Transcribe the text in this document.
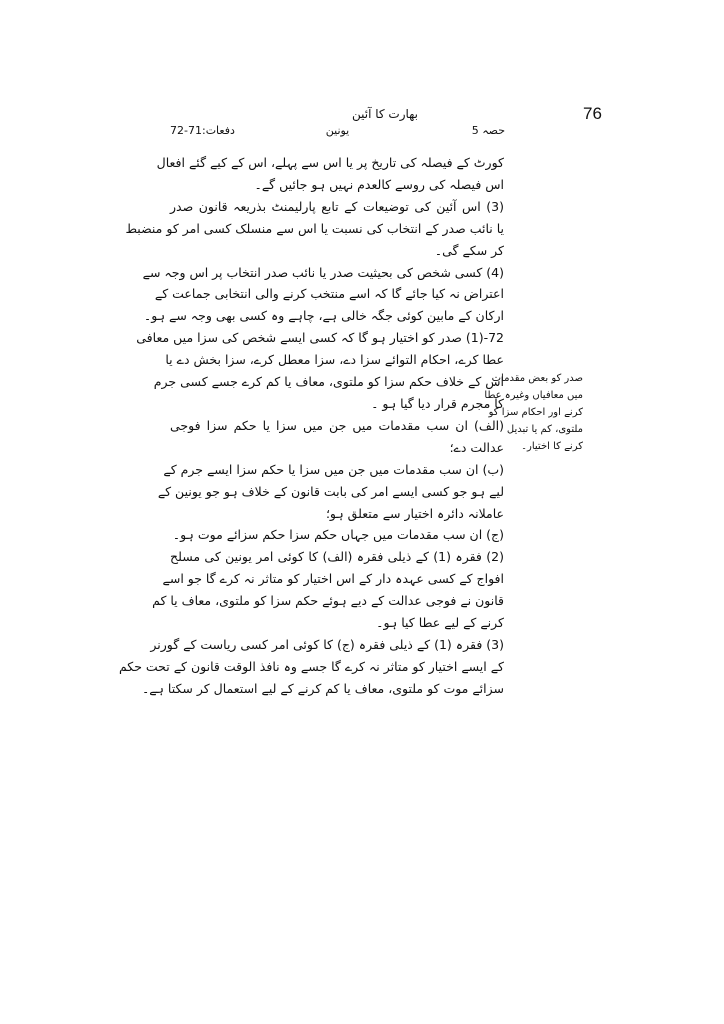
76
بھارت کا آئین
حصہ 5
یونین
دفعات:71-72
کورٹ کے فیصلہ کی تاریخ پر یا اس سے پہلے، اس کے کیے گئے افعال
اس فیصلہ کی روسے کالعدم نہیں ہو جائیں گے۔
(3) اس آئین کی توضیعات کے تابع پارلیمنٹ بذریعہ قانون صدر
یا نائب صدر کے انتخاب کی نسبت یا اس سے منسلک کسی امر کو منضبط
کر سکے گی۔
(4) کسی شخص کی بحیثیت صدر یا نائب صدر انتخاب پر اس وجہ سے
اعتراض نہ کیا جائے گا کہ اسے منتخب کرنے والی انتخابی جماعت کے
ارکان کے مابین کوئی جگہ خالی ہے، چاہے وہ کسی بھی وجہ سے ہو۔
72-(1) صدر کو اختیار ہو گا کہ کسی ایسے شخص کی سزا میں معافی
عطا کرے، احکام التوائے سزا دے، سزا معطل کرے، سزا بخش دے یا
اس کے خلاف حکم سزا کو ملتوی، معاف یا کم کرے جسے کسی جرم
کا مجرم قرار دیا گیا ہو ۔
(الف) ان سب مقدمات میں جن میں سزا یا حکم سزا فوجی
عدالت دے؛
(ب) ان سب مقدمات میں جن میں سزا یا حکم سزا ایسے جرم کے
لیے ہو جو کسی ایسے امر کی بابت قانون کے خلاف ہو جو یونین کے
عاملانہ دائرہ اختیار سے متعلق ہو؛
(ج) ان سب مقدمات میں جہاں حکم سزا حکم سزائے موت ہو۔
(2) فقرہ (1) کے ذیلی فقرہ (الف) کا کوئی امر یونین کی مسلح
افواج کے کسی عہدہ دار کے اس اختیار کو متاثر نہ کرے گا جو اسے
قانون نے فوجی عدالت کے دیے ہوئے حکم سزا کو ملتوی، معاف یا کم
کرنے کے لیے عطا کیا ہو۔
(3) فقرہ (1) کے ذیلی فقرہ (ج) کا کوئی امر کسی ریاست کے گورنر
کے ایسے اختیار کو متاثر نہ کرے گا جسے وہ نافذ الوقت قانون کے تحت حکم
سزائے موت کو ملتوی، معاف یا کم کرنے کے لیے استعمال کر سکتا ہے۔
صدر کو بعض مقدمات
میں معافیاں وغیرہ عطا
کرنے اور احکام سزا کو
ملتوی، کم یا تبدیل
کرنے کا اختیار۔
